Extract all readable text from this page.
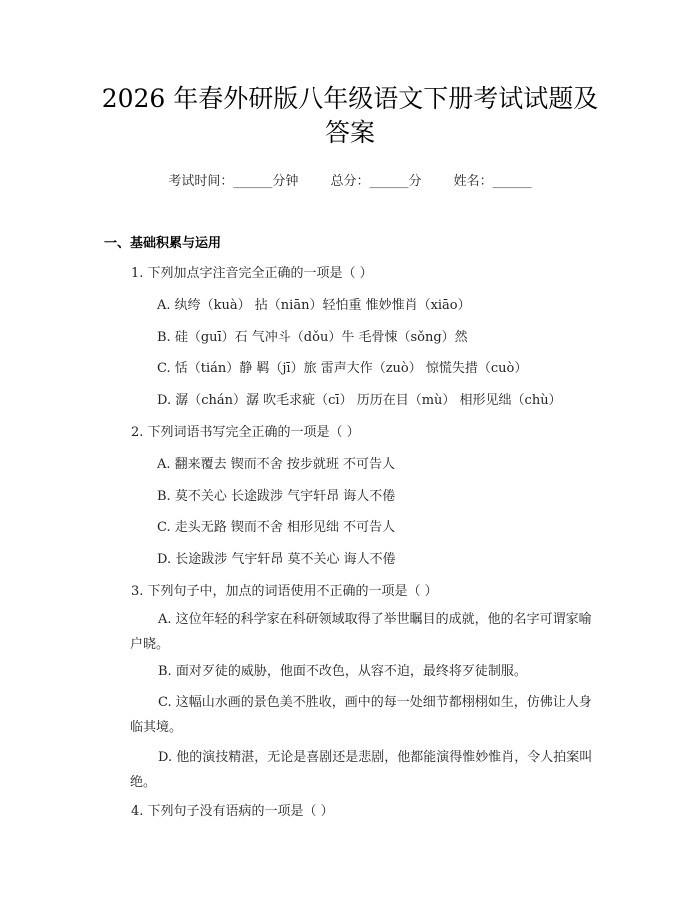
2026 年春外研版八年级语文下册考试试题及
答案
考试时间：______分钟 总分：______分 姓名：______
一、基础积累与运用
1. 下列加点字注音完全正确的一项是（ ）
A. 纨绔（kuà） 拈（niān）轻怕重 惟妙惟肖（xiāo）
B. 硅（guī）石 气冲斗（dǒu）牛 毛骨悚（sǒng）然
C. 恬（tián）静 羁（jī）旅 雷声大作（zuò） 惊慌失措（cuò）
D. 潺（chán）潺 吹毛求疵（cī） 历历在目（mù） 相形见绌（chù）
2. 下列词语书写完全正确的一项是（ ）
A. 翻来覆去 锲而不舍 按步就班 不可告人
B. 莫不关心 长途跋涉 气宇轩昂 诲人不倦
C. 走头无路 锲而不舍 相形见绌 不可告人
D. 长途跋涉 气宇轩昂 莫不关心 诲人不倦
3. 下列句子中，加点的词语使用不正确的一项是（ ）
A. 这位年轻的科学家在科研领域取得了举世瞩目的成就，他的名字可谓家喻户晓。
B. 面对歹徒的威胁，他面不改色，从容不迫，最终将歹徒制服。
C. 这幅山水画的景色美不胜收，画中的每一处细节都栩栩如生，仿佛让人身临其境。
D. 他的演技精湛，无论是喜剧还是悲剧，他都能演得惟妙惟肖，令人拍案叫绝。
4. 下列句子没有语病的一项是（ ）
